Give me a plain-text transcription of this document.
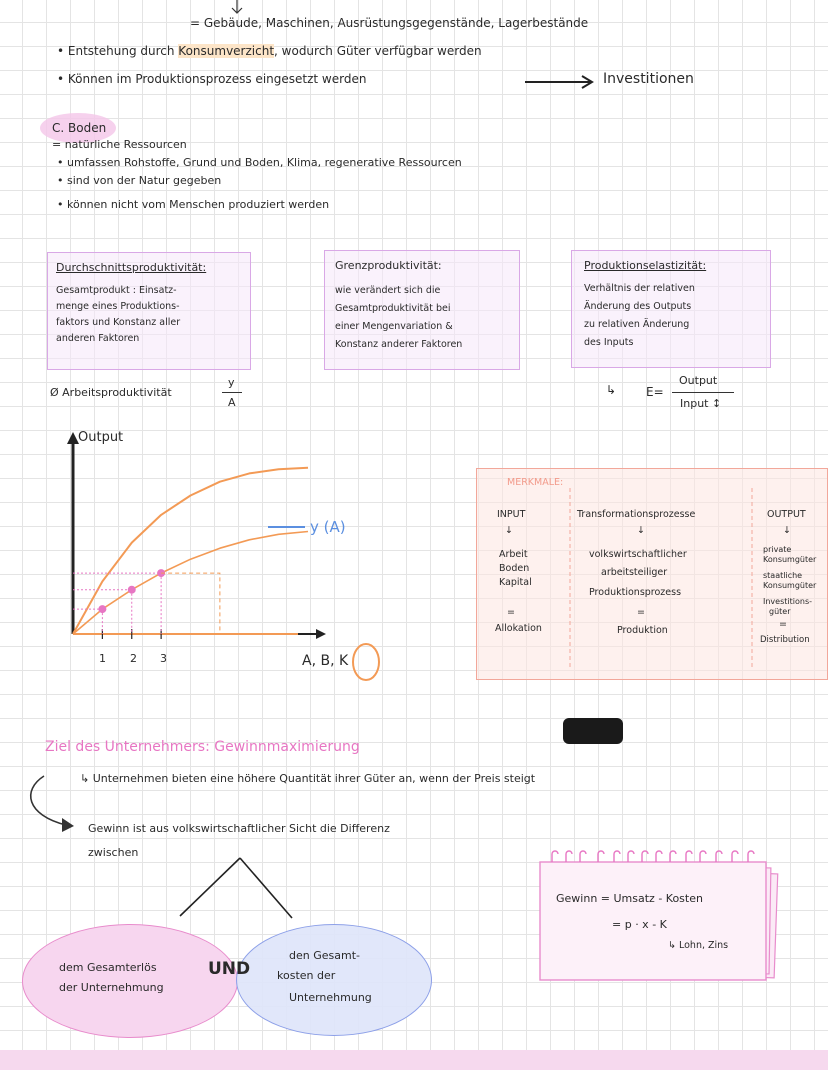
= Gebäude, Maschinen, Ausrüstungsgegenstände, Lagerbestände
• Entstehung durch Konsumverzicht, wodurch Güter verfügbar werden
• Können im Produktionsprozess eingesetzt werden	Investitionen
C. Boden
= natürliche Ressourcen
• umfassen Rohstoffe, Grund und Boden, Klima, regenerative Ressourcen
• sind von der Natur gegeben
• können nicht vom Menschen produziert werden
Durchschnittsproduktivität:
Gesamtprodukt : Einsatz-
menge eines Produktions-
faktors und Konstanz aller
anderen Faktoren
Grenzproduktivität:
wie verändert sich die
Gesamtproduktivität bei
einer Mengenvariation &
Konstanz anderer Faktoren
Produktionselastizität:
Verhältnis der relativen
Änderung des Outputs
zu relativen Änderung
des Inputs
Ø Arbeitsproduktivität
y
A
↳ E=
Output
Input ↕
Output
y (A)
A, B, K
1 2 3
MERKMALE:
INPUT
↓
Arbeit
Boden
Kapital
=
Allokation
Transformationsprozesse
↓
volkswirtschaftlicher
arbeitsteiliger
Produktionsprozess
=
Produktion
OUTPUT
↓
private
Konsumgüter
staatliche
Konsumgüter
Investitions-
güter
=
Distribution
Ziel des Unternehmers: Gewinnmaximierung
↳ Unternehmen bieten eine höhere Quantität ihrer Güter an, wenn der Preis steigt
Gewinn ist aus volkswirtschaftlicher Sicht die Differenz
zwischen
dem Gesamterlös
der Unternehmung
den Gesamt-
kosten der
Unternehmung
UND
Gewinn = Umsatz - Kosten
= p · x - K
↳ Lohn, Zins
